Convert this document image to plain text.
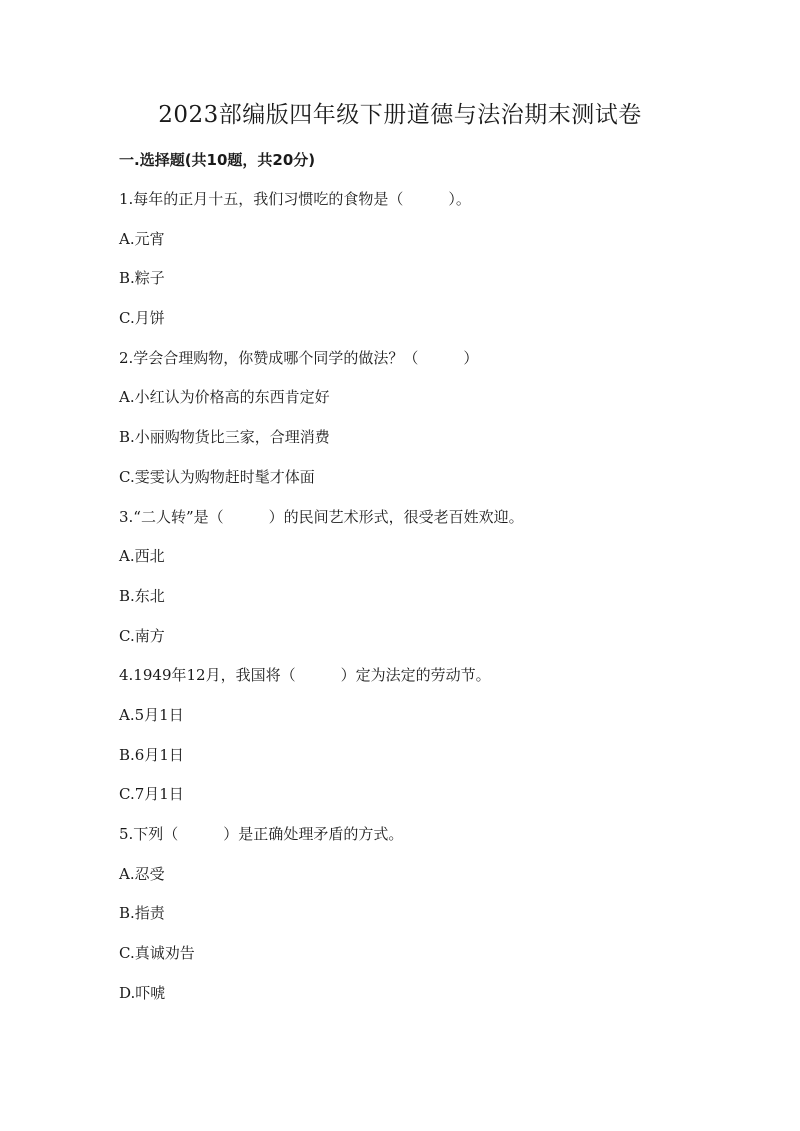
2023部编版四年级下册道德与法治期末测试卷
一.选择题(共10题，共20分)
1.每年的正月十五，我们习惯吃的食物是（　　　）。
A.元宵
B.粽子
C.月饼
2.学会合理购物，你赞成哪个同学的做法？（　　　）
A.小红认为价格高的东西肯定好
B.小丽购物货比三家，合理消费
C.雯雯认为购物赶时髦才体面
3.“二人转”是（　　　）的民间艺术形式，很受老百姓欢迎。
A.西北
B.东北
C.南方
4.1949年12月，我国将（　　　）定为法定的劳动节。
A.5月1日
B.6月1日
C.7月1日
5.下列（　　　）是正确处理矛盾的方式。
A.忍受
B.指责
C.真诚劝告
D.吓唬
